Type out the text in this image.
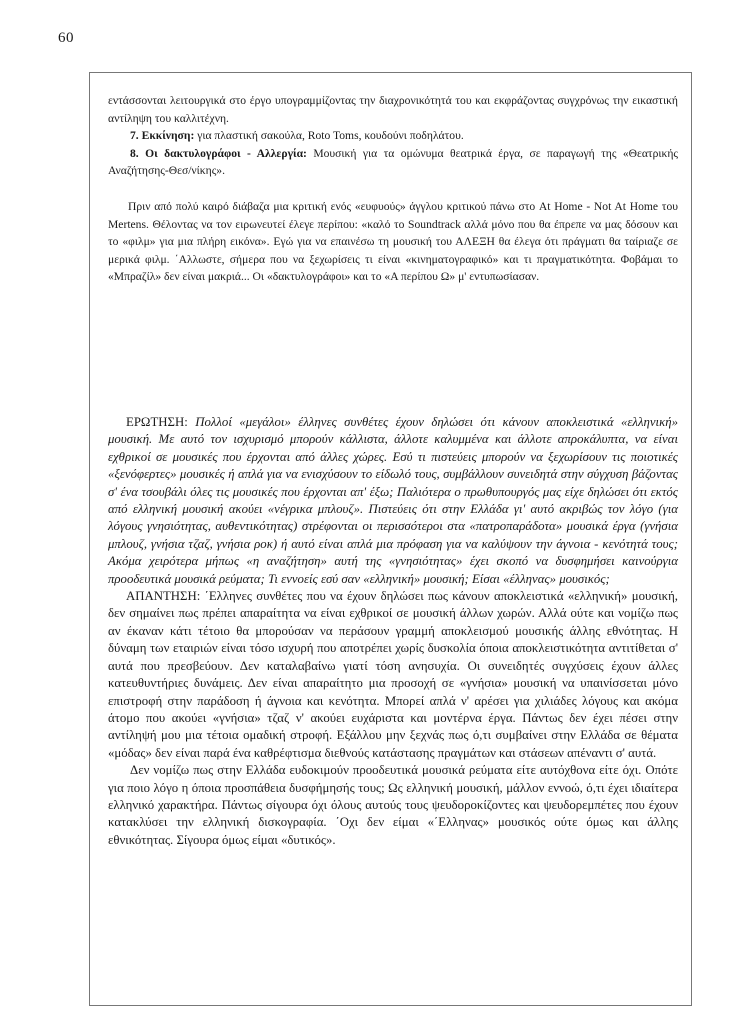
60

εντάσσονται λειτουργικά στο έργο υπογραμμίζοντας την διαχρονικότητά του και εκφράζοντας συγχρόνως την εικαστική αντίληψη του καλλιτέχνη.

7. Εκκίνηση: για πλαστική σακούλα, Roto Toms, κουδούνι ποδηλάτου.

8. Οι δακτυλογράφοι - Αλλεργία: Μουσική για τα ομώνυμα θεατρικά έργα, σε παραγωγή της «Θεατρικής Αναζήτησης-Θεσ/νίκης».

Πριν από πολύ καιρό διάβαζα μια κριτική ενός «ευφυούς» άγγλου κριτικού πάνω στο At Home - Not At Home του Mertens. Θέλοντας να τον ειρωνευτεί έλεγε περίπου: «καλό το Soundtrack αλλά μόνο που θα έπρεπε να μας δόσουν και το «φιλμ» για μια πλήρη εικόνα». Εγώ για να επαινέσω τη μουσική του ΑΛΕΞΗ θα έλεγα ότι πράγματι θα ταίριαζε σε μερικά φιλμ. ΄Αλλωστε, σήμερα που να ξεχωρίσεις τι είναι «κινηματογραφικό» και τι πραγματικότητα. Φοβάμαι το «Μπραζίλ» δεν είναι μακριά... Οι «δακτυλογράφοι» και το «Α περίπου Ω» μ' εντυπωσίασαν.

ΕΡΩΤΗΣΗ: Πολλοί «μεγάλοι» έλληνες συνθέτες έχουν δηλώσει ότι κάνουν αποκλειστικά «ελληνική» μουσική. Με αυτό τον ισχυρισμό μπορούν κάλλιστα, άλλοτε καλυμμένα και άλλοτε απροκάλυπτα, να είναι εχθρικοί σε μουσικές που έρχονται από άλλες χώρες. Εσύ τι πιστεύεις μπορούν να ξεχωρίσουν τις ποιοτικές «ξενόφερτες» μουσικές ή απλά για να ενισχύσουν το είδωλό τους, συμβάλλουν συνειδητά στην σύγχυση βάζοντας σ' ένα τσουβάλι όλες τις μουσικές που έρχονται απ' έξω; Παλιότερα ο πρωθυπουργός μας είχε δηλώσει ότι εκτός από ελληνική μουσική ακούει «νέγρικα μπλουζ». Πιστεύεις ότι στην Ελλάδα γι' αυτό ακριβώς τον λόγο (για λόγους γνησιότητας, αυθεντικότητας) στρέφονται οι περισσότεροι στα «πατροπαράδοτα» μουσικά έργα (γνήσια μπλουζ, γνήσια τζαζ, γνήσια ροκ) ή αυτό είναι απλά μια πρόφαση για να καλύψουν την άγνοια - κενότητά τους; Ακόμα χειρότερα μήπως «η αναζήτηση» αυτή της «γνησιότητας» έχει σκοπό να δυσφημήσει καινούργια προοδευτικά μουσικά ρεύματα; Τι εννοείς εσύ σαν «ελληνική» μουσική; Είσαι «έλληνας» μουσικός;

ΑΠΑΝΤΗΣΗ: ΄Ελληνες συνθέτες που να έχουν δηλώσει πως κάνουν αποκλειστικά «ελληνική» μουσική, δεν σημαίνει πως πρέπει απαραίτητα να είναι εχθρικοί σε μουσική άλλων χωρών. Αλλά ούτε και νομίζω πως αν έκαναν κάτι τέτοιο θα μπορούσαν να περάσουν γραμμή αποκλεισμού μουσικής άλλης εθνότητας. Η δύναμη των εταιριών είναι τόσο ισχυρή που αποτρέπει χωρίς δυσκολία όποια αποκλειστικότητα αντιτίθεται σ' αυτά που πρεσβεύουν. Δεν καταλαβαίνω γιατί τόση ανησυχία. Οι συνειδητές συγχύσεις έχουν άλλες κατευθυντήριες δυνάμεις. Δεν είναι απαραίτητο μια προσοχή σε «γνήσια» μουσική να υπαινίσσεται μόνο επιστροφή στην παράδοση ή άγνοια και κενότητα. Μπορεί απλά ν' αρέσει για χιλιάδες λόγους και ακόμα άτομο που ακούει «γνήσια» τζαζ ν' ακούει ευχάριστα και μοντέρνα έργα. Πάντως δεν έχει πέσει στην αντίληψή μου μια τέτοια ομαδική στροφή. Εξάλλου μην ξεχνάς πως ό,τι συμβαίνει στην Ελλάδα σε θέματα «μόδας» δεν είναι παρά ένα καθρέφτισμα διεθνούς κατάστασης πραγμάτων και στάσεων απέναντι σ' αυτά.

Δεν νομίζω πως στην Ελλάδα ευδοκιμούν προοδευτικά μουσικά ρεύματα είτε αυτόχθονα είτε όχι. Οπότε για ποιο λόγο η όποια προσπάθεια δυσφήμησής τους; Ως ελληνική μουσική, μάλλον εννοώ, ό,τι έχει ιδιαίτερα ελληνικό χαρακτήρα. Πάντως σίγουρα όχι όλους αυτούς τους ψευδοροκίζοντες και ψευδορεμπέτες που έχουν κατακλύσει την ελληνική δισκογραφία. ΄Οχι δεν είμαι «΄Ελληνας» μουσικός ούτε όμως και άλλης εθνικότητας. Σίγουρα όμως είμαι «δυτικός».
